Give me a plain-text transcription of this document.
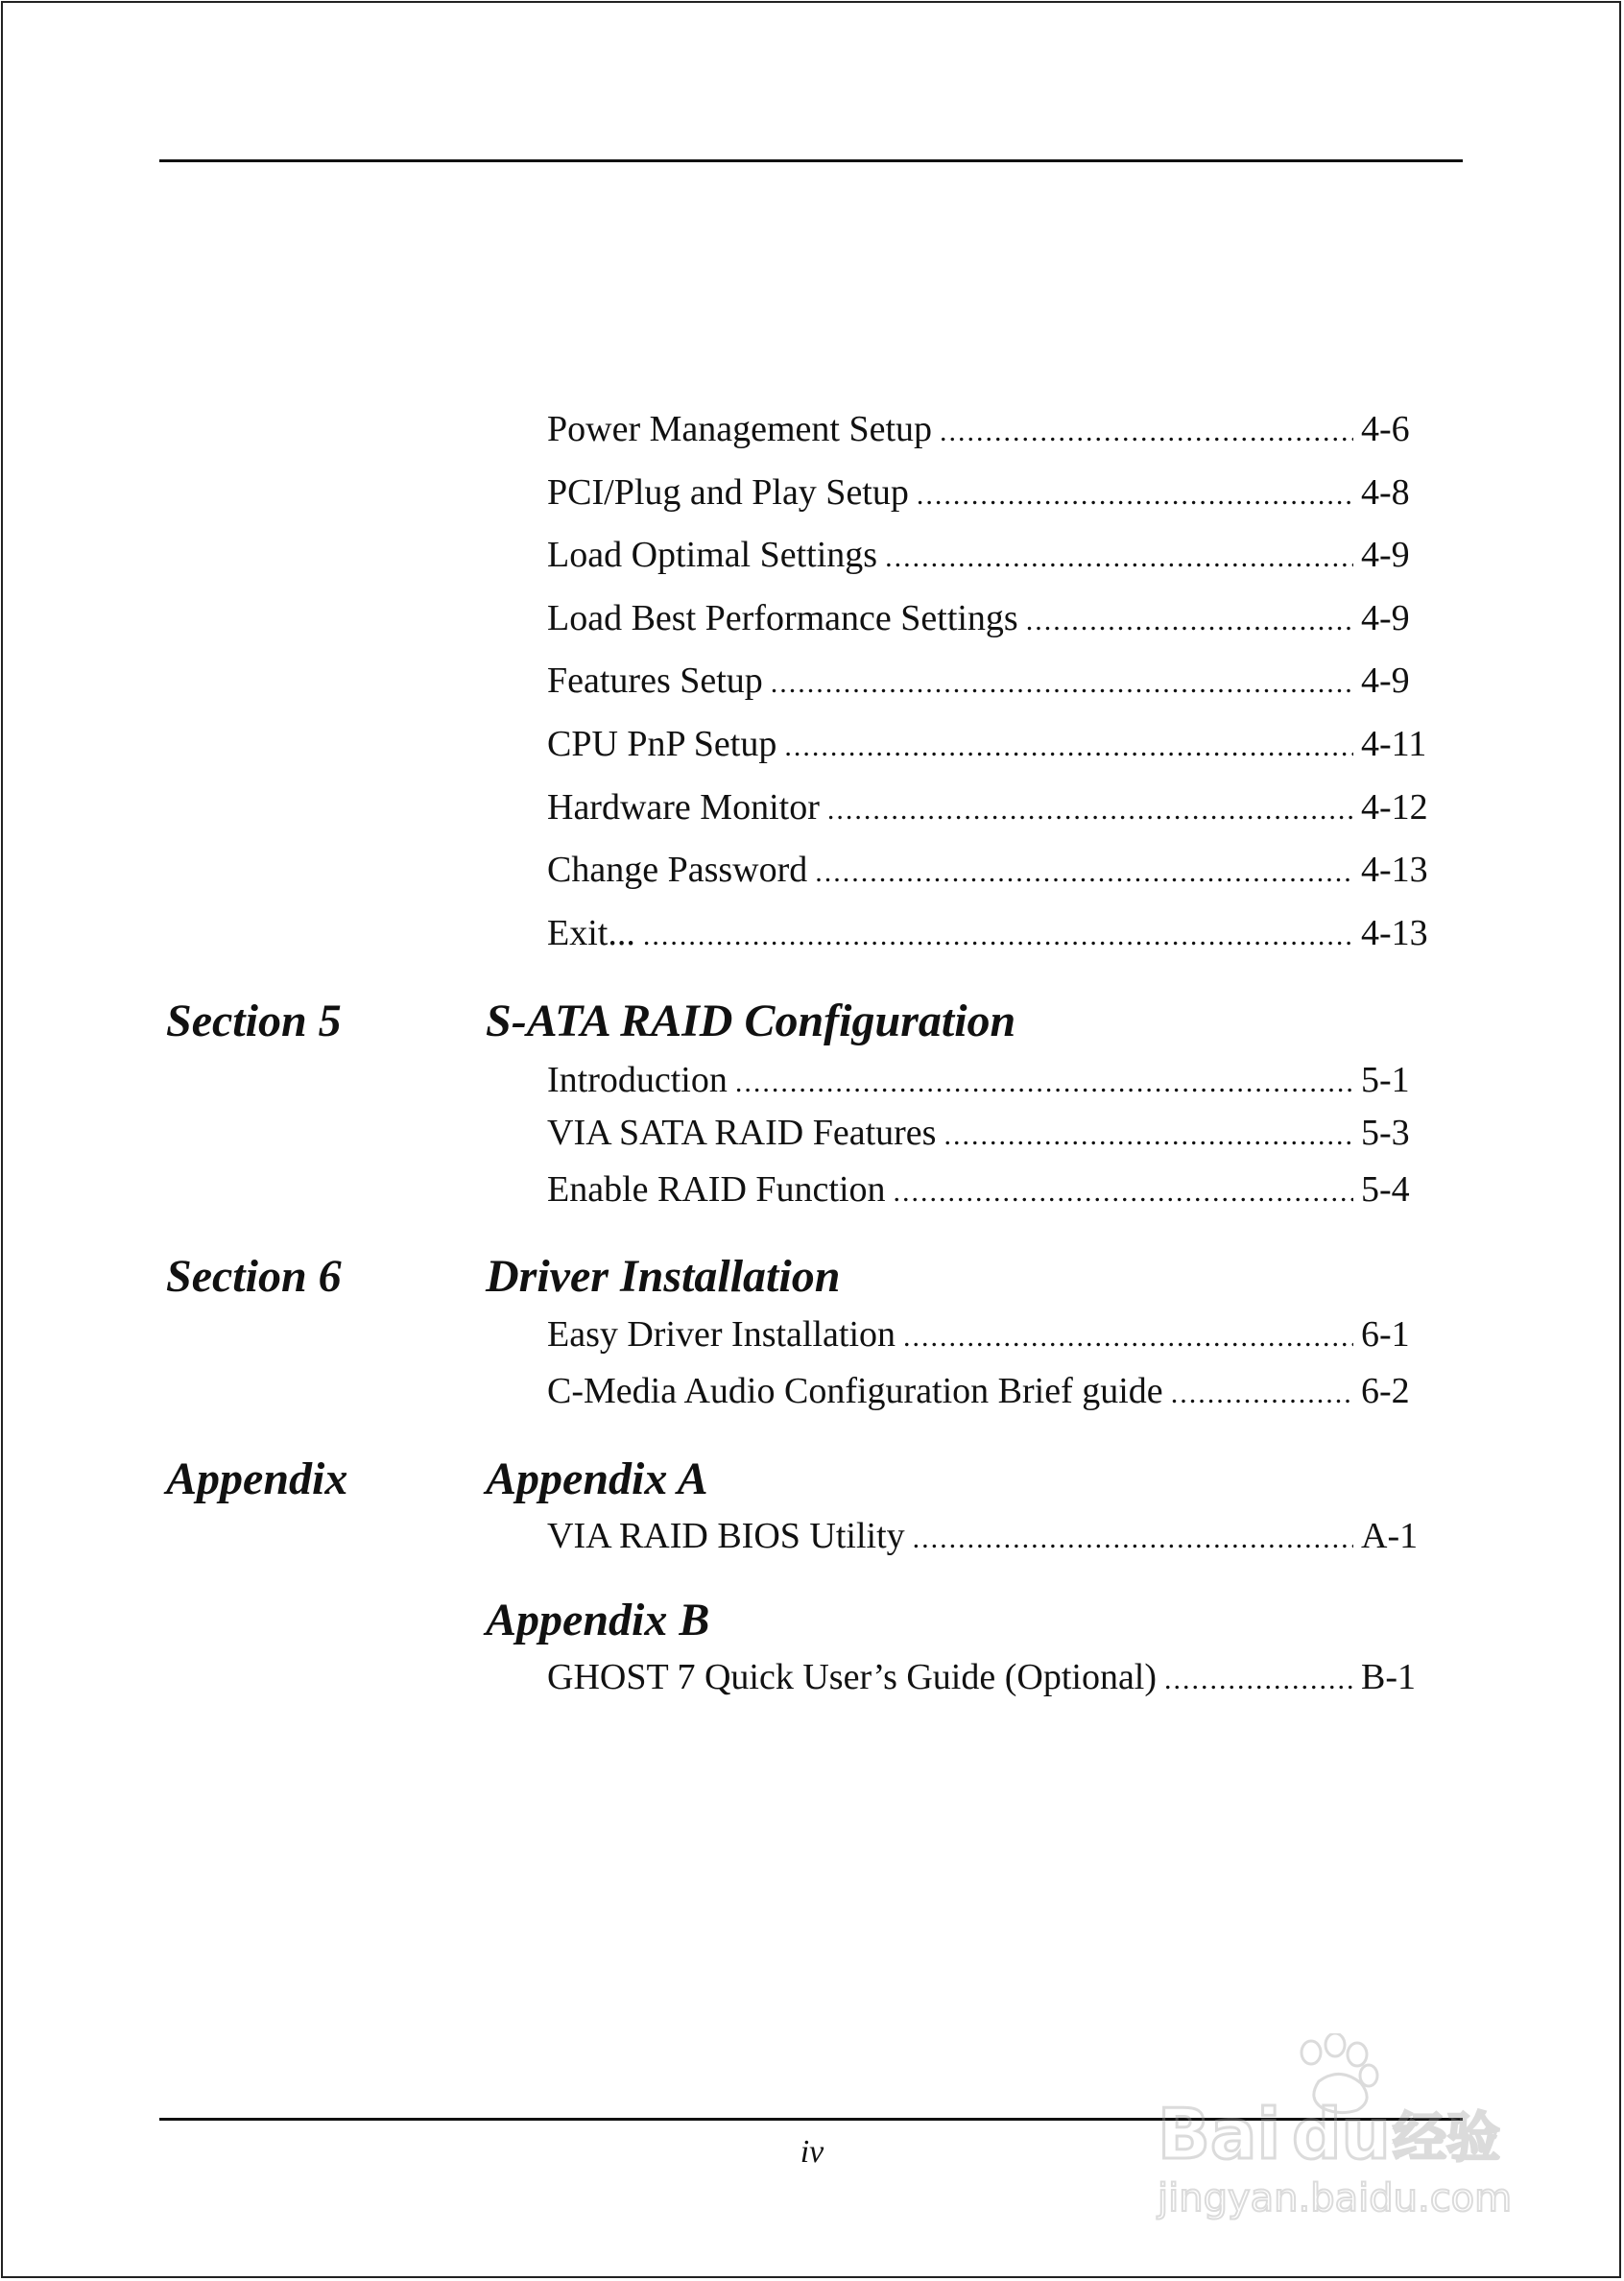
Power Management Setup .....	4-6
PCI/Plug and Play Setup .....	4-8
Load Optimal Settings .....	4-9
Load Best Performance Settings .....	4-9
Features Setup .....	4-9
CPU PnP Setup .....	4-11
Hardware Monitor .....	4-12
Change Password .....	4-13
Exit... .....	4-13
Section 5	S-ATA RAID Configuration
Introduction .....	5-1
VIA SATA RAID Features .....	5-3
Enable RAID Function .....	5-4
Section 6	Driver Installation
Easy Driver Installation .....	6-1
C-Media Audio Configuration Brief guide .....	6-2
Appendix	Appendix A
VIA RAID BIOS Utility .....	A-1
Appendix B
GHOST 7 Quick User’s Guide (Optional) .....	B-1
iv	Bai du 经验
jingyan.baidu.com
